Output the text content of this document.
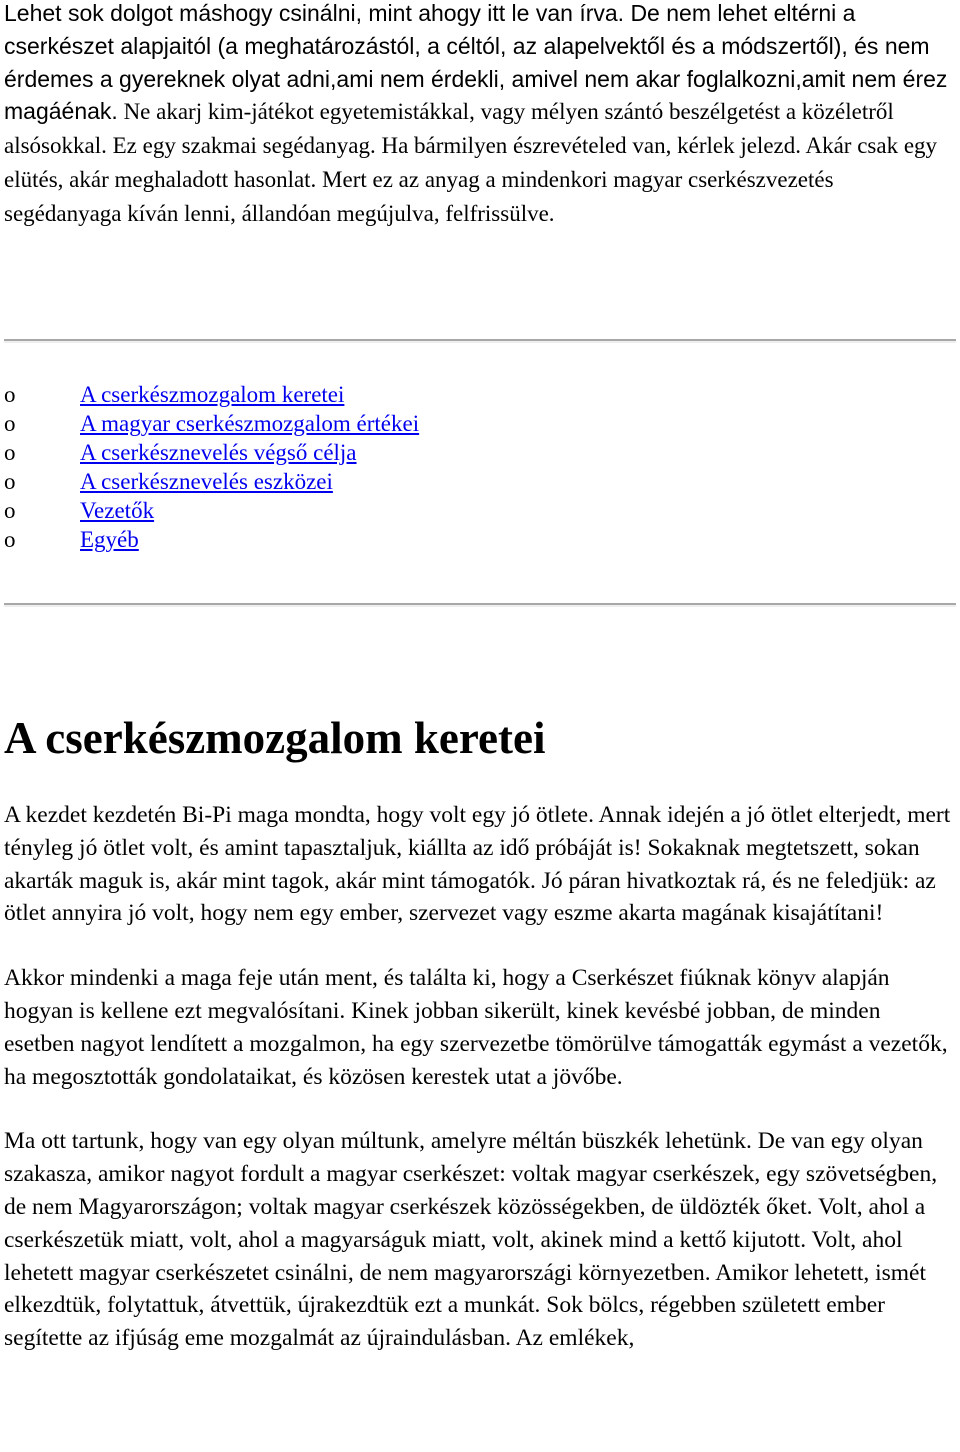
Lehet sok dolgot máshogy csinálni, mint ahogy itt le van írva. De nem lehet eltérni a cserkészet alapjaitól (a meghatározástól, a céltól, az alapelvektől és a módszertől), és nem érdemes a gyereknek olyat adni,ami nem érdekli, amivel nem akar foglalkozni,amit nem érez magáénak. Ne akarj kim-játékot egyetemistákkal, vagy mélyen szántó beszélgetést a közéletről alsósokkal. Ez egy szakmai segédanyag. Ha bármilyen észrevételed van, kérlek jelezd. Akár csak egy elütés, akár meghaladott hasonlat. Mert ez az anyag a mindenkori magyar cserkészvezetés segédanyaga kíván lenni, állandóan megújulva, felfrissülve.

o	A cserkészmozgalom keretei
o	A magyar cserkészmozgalom értékei
o	A cserkésznevelés végső célja
o	A cserkésznevelés eszközei
o	Vezetők
o	Egyéb
A cserkészmozgalom keretei

A kezdet kezdetén Bi-Pi maga mondta, hogy volt egy jó ötlete. Annak idején a jó ötlet elterjedt, mert tényleg jó ötlet volt, és amint tapasztaljuk, kiállta az idő próbáját is! Sokaknak megtetszett, sokan akarták maguk is, akár mint tagok, akár mint támogatók. Jó páran hivatkoztak rá, és ne feledjük: az ötlet annyira jó volt, hogy nem egy ember, szervezet vagy eszme akarta magának kisajátítani!

Akkor mindenki a maga feje után ment, és találta ki, hogy a Cserkészet fiúknak könyv alapján hogyan is kellene ezt megvalósítani. Kinek jobban sikerült, kinek kevésbé jobban, de minden esetben nagyot lendített a mozgalmon, ha egy szervezetbe tömörülve támogatták egymást a vezetők, ha megosztották gondolataikat, és közösen kerestek utat a jövőbe.

Ma ott tartunk, hogy van egy olyan múltunk, amelyre méltán büszkék lehetünk. De van egy olyan szakasza, amikor nagyot fordult a magyar cserkészet: voltak magyar cserkészek, egy szövetségben, de nem Magyarországon; voltak magyar cserkészek közösségekben, de üldözték őket. Volt, ahol a cserkészetük miatt, volt, ahol a magyarságuk miatt, volt, akinek mind a kettő kijutott. Volt, ahol lehetett magyar cserkészetet csinálni, de nem magyarországi környezetben. Amikor lehetett, ismét elkezdtük, folytattuk, átvettük, újrakezdtük ezt a munkát. Sok bölcs, régebben született ember segítette az ifjúság eme mozgalmát az újraindulásban. Az emlékek,
